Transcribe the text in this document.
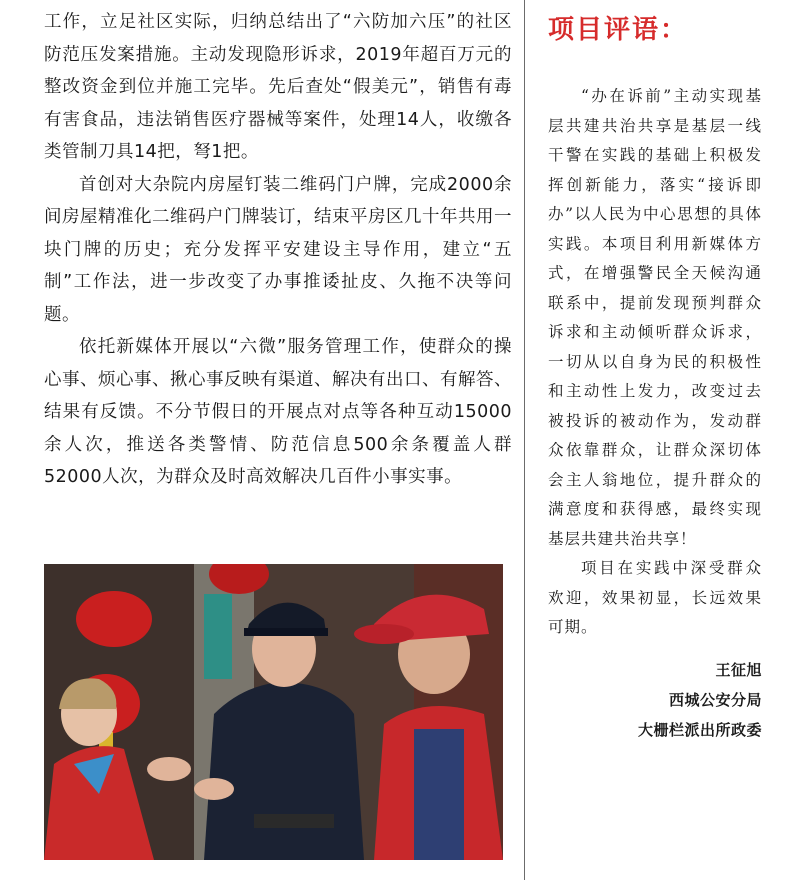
工作，立足社区实际，归纳总结出了“六防加六压”的社区防范压发案措施。主动发现隐形诉求，2019年超百万元的整改资金到位并施工完毕。先后查处“假美元”，销售有毒有害食品，违法销售医疗器械等案件，处理14人，收缴各类管制刀具14把，弩1把。

首创对大杂院内房屋钉装二维码门户牌，完成2000余间房屋精准化二维码户门牌装订，结束平房区几十年共用一块门牌的历史；充分发挥平安建设主导作用，建立“五制”工作法，进一步改变了办事推诿扯皮、久拖不决等问题。

依托新媒体开展以“六微”服务管理工作，使群众的操心事、烦心事、揪心事反映有渠道、解决有出口、有解答、结果有反馈。不分节假日的开展点对点等各种互动15000余人次，推送各类警情、防范信息500余条覆盖人群52000人次，为群众及时高效解决几百件小事实事。

项目评语：

“办在诉前”主动实现基层共建共治共享是基层一线干警在实践的基础上积极发挥创新能力，落实“接诉即办”以人民为中心思想的具体实践。本项目利用新媒体方式，在增强警民全天候沟通联系中，提前发现预判群众诉求和主动倾听群众诉求，一切从以自身为民的积极性和主动性上发力，改变过去被投诉的被动作为，发动群众依靠群众，让群众深切体会主人翁地位，提升群众的满意度和获得感，最终实现基层共建共治共享！

项目在实践中深受群众欢迎，效果初显，长远效果可期。

王征旭
西城公安分局
大栅栏派出所政委
